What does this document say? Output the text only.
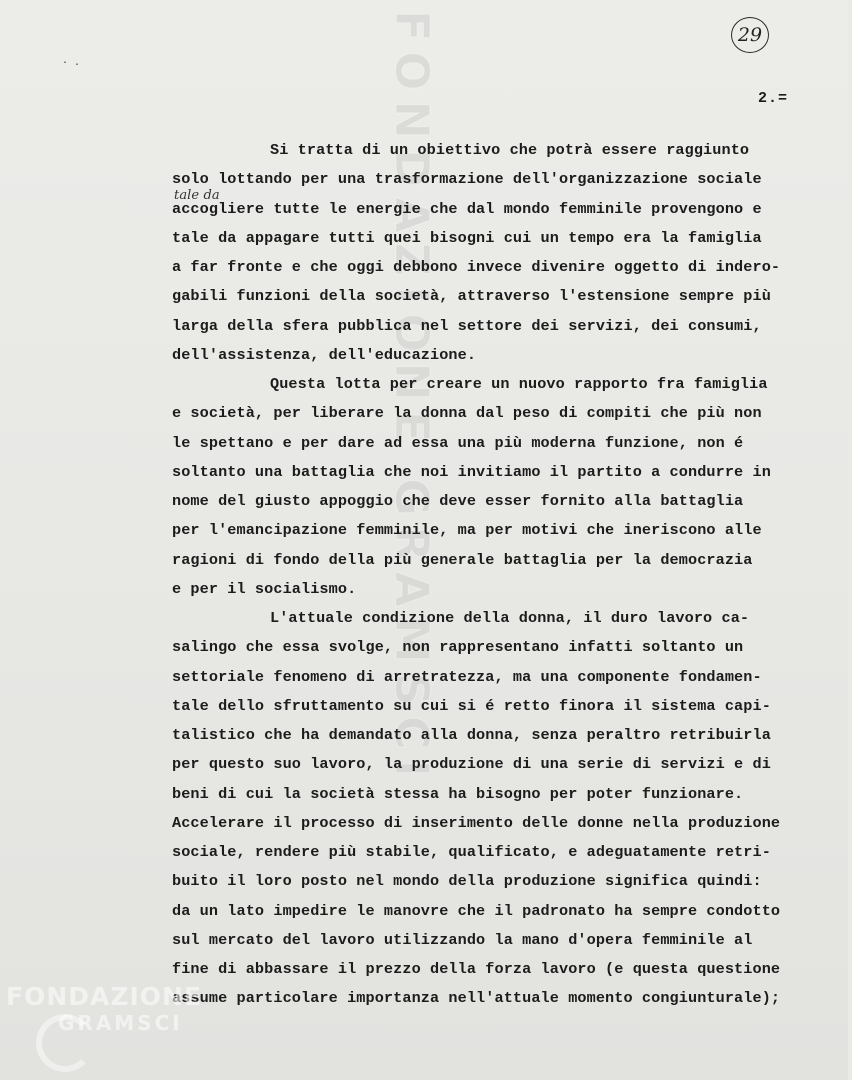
FONDAZIONE GRAMSCI
· .
29
2.=
Si tratta di un obiettivo che potrà essere raggiunto
solo lottando per una trasformazione dell'organizzazione sociale
tale da
accogliere tutte le energie che dal mondo femminile provengono e
tale da appagare tutti quei bisogni cui un tempo era la famiglia
a far fronte e che oggi debbono invece divenire oggetto di indero-
gabili funzioni della società, attraverso l'estensione sempre più
larga della sfera pubblica nel settore dei servizi, dei consumi,
dell'assistenza, dell'educazione.
Questa lotta per creare un nuovo rapporto fra famiglia
e società, per liberare la donna dal peso di compiti che più non
le spettano e per dare ad essa una più moderna funzione, non é
soltanto una battaglia che noi invitiamo il partito a condurre in
nome del giusto appoggio che deve esser fornito alla battaglia
per l'emancipazione femminile, ma per motivi che ineriscono alle
ragioni di fondo della più generale battaglia per la democrazia
e per il socialismo.
L'attuale condizione della donna, il duro lavoro ca-
salingo che essa svolge, non rappresentano infatti soltanto un
settoriale fenomeno di arretratezza, ma una componente fondamen-
tale dello sfruttamento su cui si é retto finora il sistema capi-
talistico che ha demandato alla donna, senza peraltro retribuirla
per questo suo lavoro, la produzione di una serie di servizi e di
beni di cui la società stessa ha bisogno per poter funzionare.
Accelerare il processo di inserimento delle donne nella produzione
sociale, rendere più stabile, qualificato, e adeguatamente retri-
buito il loro posto nel mondo della produzione significa quindi:
da un lato impedire le manovre che il padronato ha sempre condotto
sul mercato del lavoro utilizzando la mano d'opera femminile al
fine di abbassare il prezzo della forza lavoro (e questa questione
assume particolare importanza nell'attuale momento congiunturale);
FONDAZIONE
GRAMSCI
